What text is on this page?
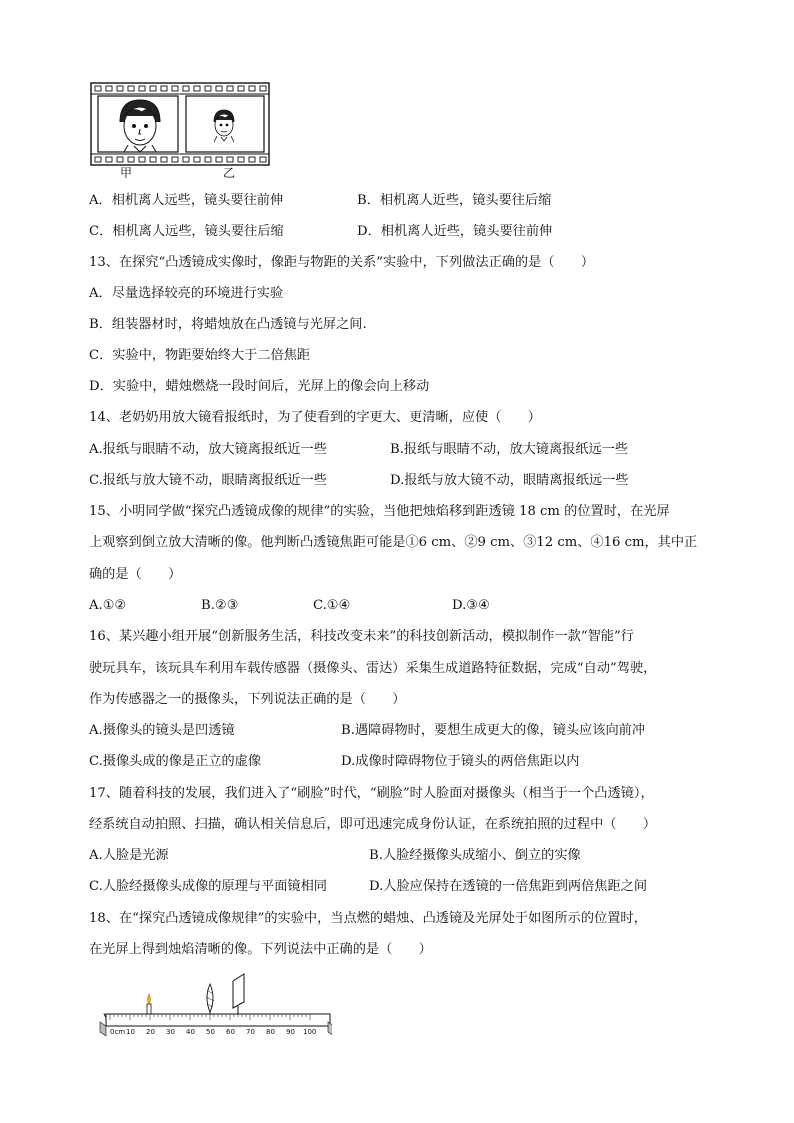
甲	乙
A．相机离人远些，镜头要往前伸	B．相机离人近些，镜头要往后缩
C．相机离人远些，镜头要往后缩	D．相机离人近些，镜头要往前伸
13、在探究“凸透镜成实像时，像距与物距的关系”实验中，下列做法正确的是（　　）
A．尽量选择较亮的环境进行实验
B．组装器材时，将蜡烛放在凸透镜与光屏之间.
C．实验中，物距要始终大于二倍焦距
D．实验中，蜡烛燃烧一段时间后，光屏上的像会向上移动
14、老奶奶用放大镜看报纸时，为了使看到的字更大、更清晰，应使（　　）
A.报纸与眼睛不动，放大镜离报纸近一些	B.报纸与眼睛不动，放大镜离报纸远一些
C.报纸与放大镜不动，眼睛离报纸近一些	D.报纸与放大镜不动，眼睛离报纸远一些
15、小明同学做“探究凸透镜成像的规律”的实验，当他把烛焰移到距透镜 18 cm 的位置时，在光屏
上观察到倒立放大清晰的像。他判断凸透镜焦距可能是①6 cm、②9 cm、③12 cm、④16 cm，其中正
确的是（　　）
A.①②	B.②③	C.①④	D.③④
16、某兴趣小组开展“创新服务生活，科技改变未来”的科技创新活动，模拟制作一款“智能”行
驶玩具车，该玩具车利用车载传感器（摄像头、雷达）采集生成道路特征数据，完成“自动”驾驶，
作为传感器之一的摄像头，下列说法正确的是（　　）
A.摄像头的镜头是凹透镜	B.遇障碍物时，要想生成更大的像，镜头应该向前冲
C.摄像头成的像是正立的虚像	D.成像时障碍物位于镜头的两倍焦距以内
17、随着科技的发展，我们进入了“刷脸”时代，“刷脸”时人脸面对摄像头（相当于一个凸透镜），
经系统自动拍照、扫描，确认相关信息后，即可迅速完成身份认证，在系统拍照的过程中（　　）
A.人脸是光源	B.人脸经摄像头成缩小、倒立的实像
C.人脸经摄像头成像的原理与平面镜相同	D.人脸应保持在透镜的一倍焦距到两倍焦距之间
18、在“探究凸透镜成像规律”的实验中，当点燃的蜡烛、凸透镜及光屏处于如图所示的位置时，
在光屏上得到烛焰清晰的像。下列说法中正确的是（　　）
0cm 10 20 30 40 50 60 70 80 90 100
